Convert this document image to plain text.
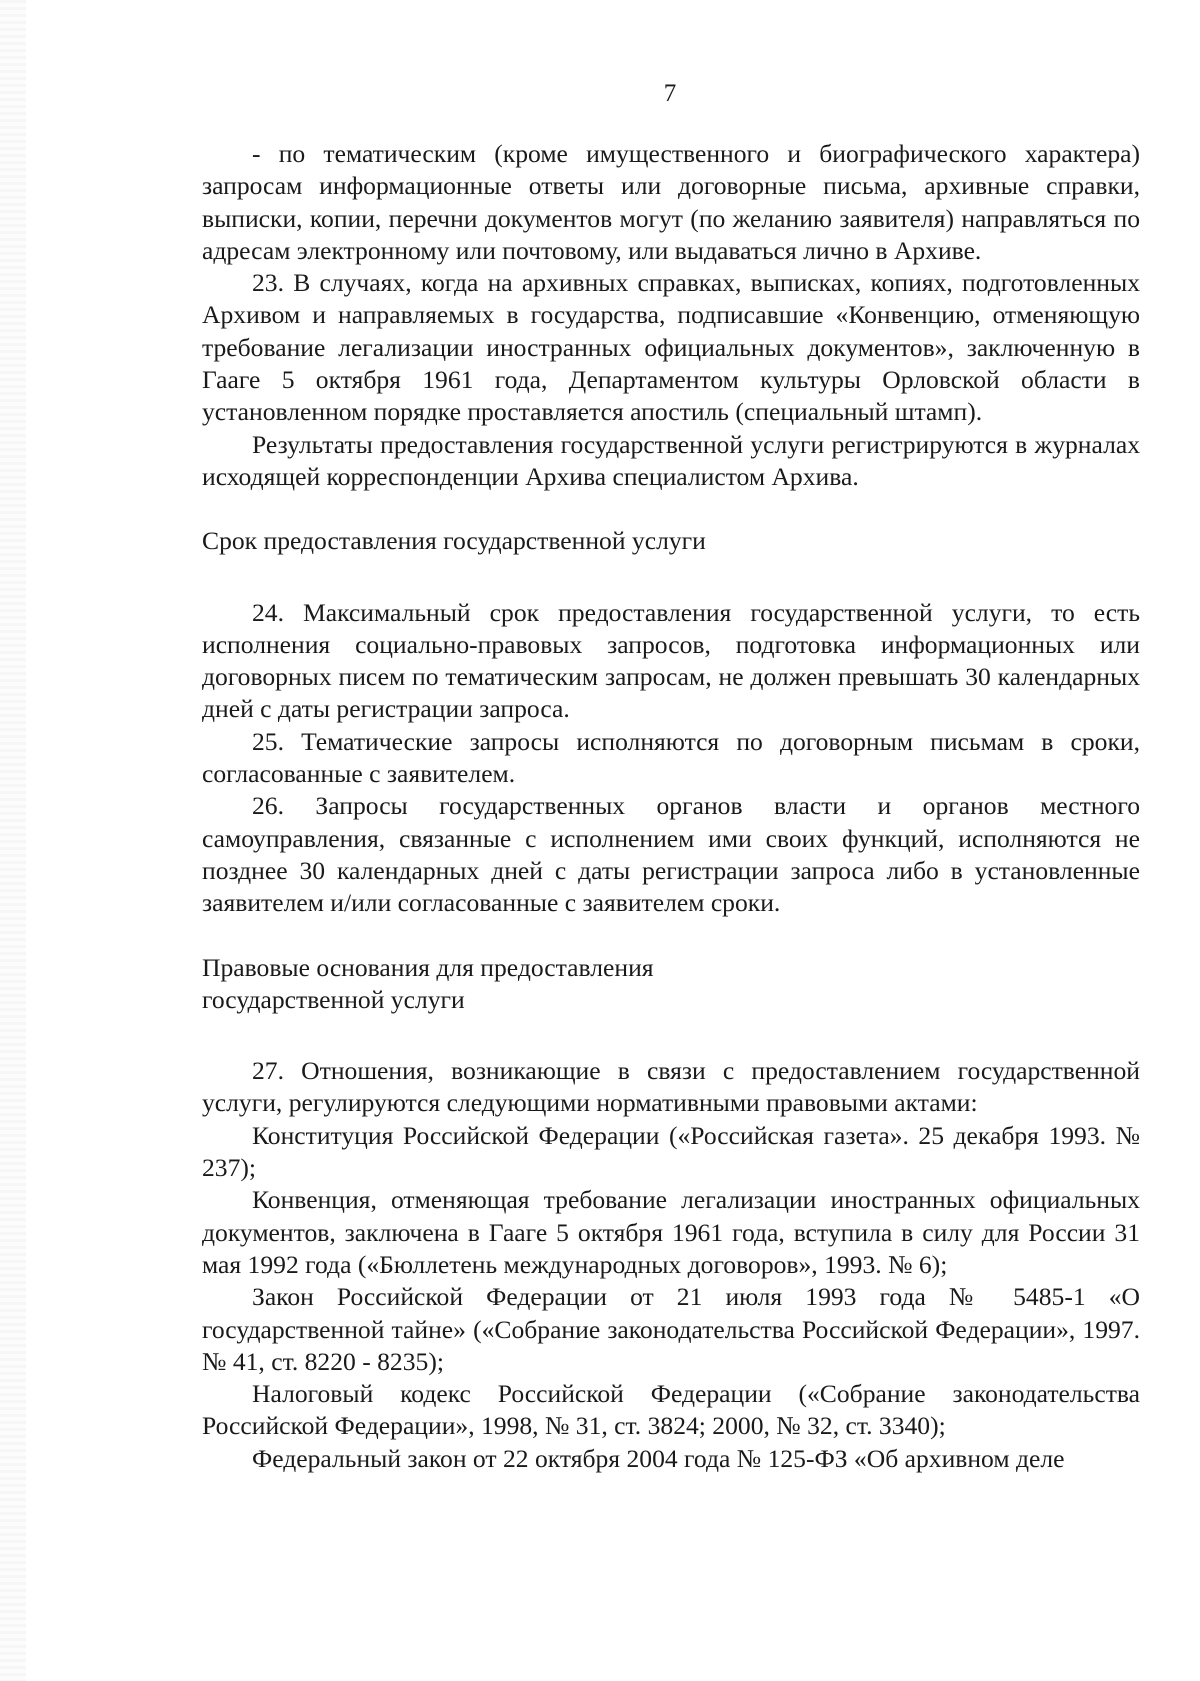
7

- по тематическим (кроме имущественного и биографического характера) запросам информационные ответы или договорные письма, архивные справки, выписки, копии, перечни документов могут (по желанию заявителя) направляться по адресам электронному или почтовому, или выдаваться лично в Архиве.

23. В случаях, когда на архивных справках, выписках, копиях, подготовленных Архивом и направляемых в государства, подписавшие «Конвенцию, отменяющую требование легализации иностранных официальных документов», заключенную в Гааге 5 октября 1961 года, Департаментом культуры Орловской области в установленном порядке проставляется апостиль (специальный штамп).

Результаты предоставления государственной услуги регистрируются в журналах исходящей корреспонденции Архива специалистом Архива.

Срок предоставления государственной услуги

24. Максимальный срок предоставления государственной услуги, то есть исполнения социально-правовых запросов, подготовка информационных или договорных писем по тематическим запросам, не должен превышать 30 календарных дней с даты регистрации запроса.

25. Тематические запросы исполняются по договорным письмам в сроки, согласованные с заявителем.

26. Запросы государственных органов власти и органов местного самоуправления, связанные с исполнением ими своих функций, исполняются не позднее 30 календарных дней с даты регистрации запроса либо в установленные заявителем и/или согласованные с заявителем сроки.

Правовые основания для предоставления

государственной услуги

27. Отношения, возникающие в связи с предоставлением государственной услуги, регулируются следующими нормативными правовыми актами:

Конституция Российской Федерации («Российская газета». 25 декабря 1993. № 237);

Конвенция, отменяющая требование легализации иностранных официальных документов, заключена в Гааге 5 октября 1961 года, вступила в силу для России 31 мая 1992 года («Бюллетень международных договоров», 1993. № 6);

Закон Российской Федерации от 21 июля 1993 года № 5485-1 «О государственной тайне» («Собрание законодательства Российской Федерации», 1997. № 41, ст. 8220 - 8235);

Налоговый кодекс Российской Федерации («Собрание законодательства Российской Федерации», 1998, № 31, ст. 3824; 2000, № 32, ст. 3340);

Федеральный закон от 22 октября 2004 года № 125-ФЗ «Об архивном деле
